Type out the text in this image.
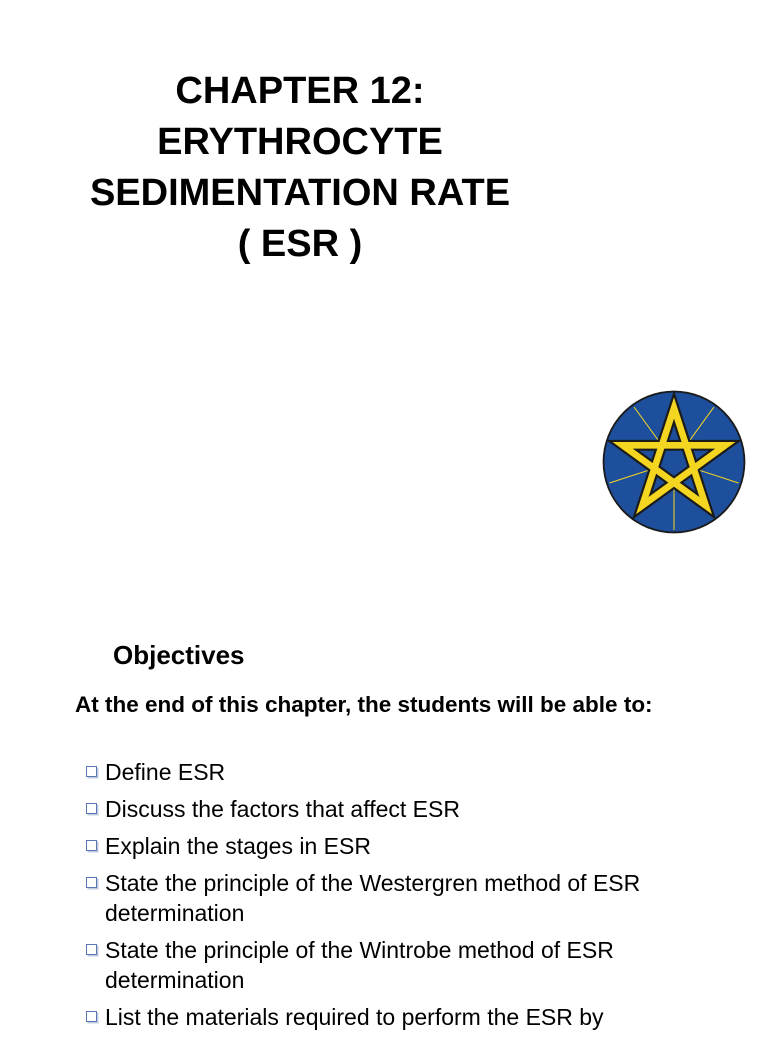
CHAPTER 12:
ERYTHROCYTE
SEDIMENTATION RATE
( ESR )
Objectives

At the end of this chapter, the students will be able to:

Define ESR
Discuss the factors that affect ESR
Explain the stages in ESR
State the principle of the Westergren method of ESR determination
State the principle of the Wintrobe method of ESR determination
List the materials required to perform the ESR by
